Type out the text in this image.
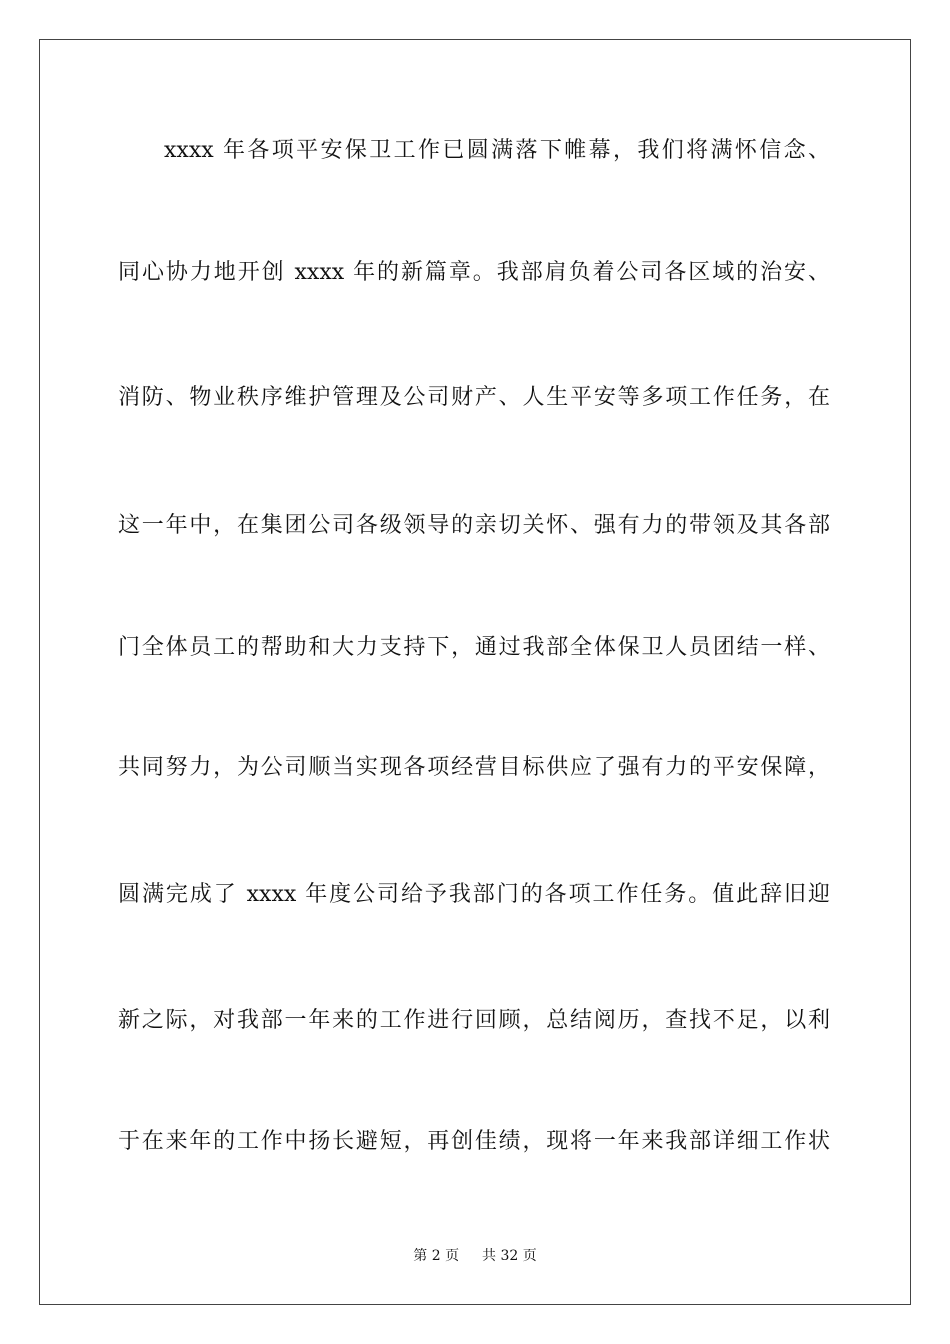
xxxx 年各项平安保卫工作已圆满落下帷幕，我们将满怀信念、
同心协力地开创 xxxx 年的新篇章。我部肩负着公司各区域的治安、
消防、物业秩序维护管理及公司财产、人生平安等多项工作任务，在
这一年中，在集团公司各级领导的亲切关怀、强有力的带领及其各部
门全体员工的帮助和大力支持下，通过我部全体保卫人员团结一样、
共同努力，为公司顺当实现各项经营目标供应了强有力的平安保障，
圆满完成了 xxxx 年度公司给予我部门的各项工作任务。值此辞旧迎
新之际，对我部一年来的工作进行回顾，总结阅历，查找不足，以利
于在来年的工作中扬长避短，再创佳绩，现将一年来我部详细工作状
第 2 页 共 32 页
